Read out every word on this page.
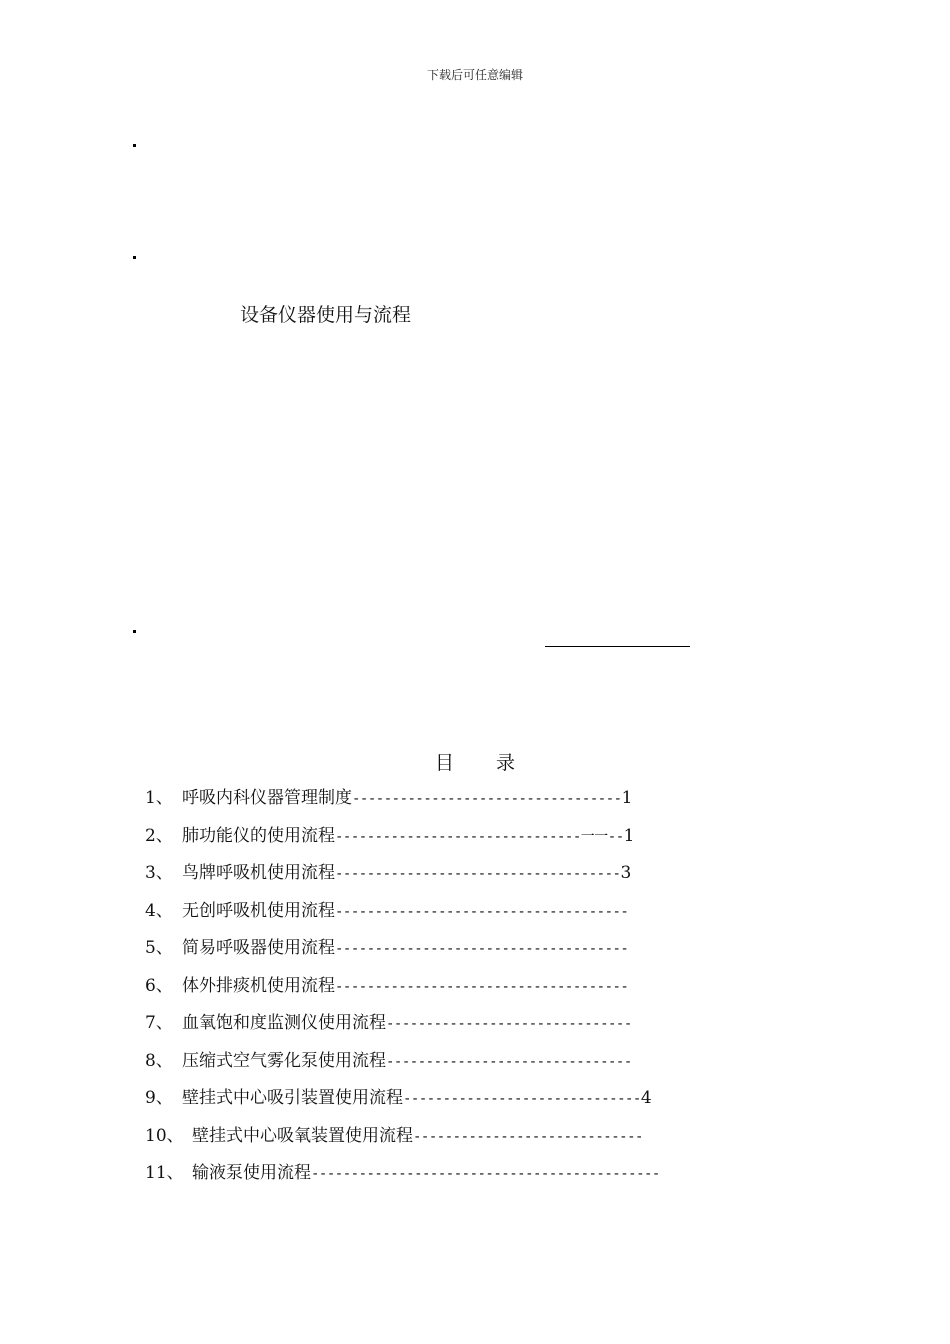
下载后可任意编辑
设备仪器使用与流程
目 录
1、 呼吸内科仪器管理制度----------------------------------1
2、 肺功能仪的使用流程-------------------------------一一--1
3、 鸟牌呼吸机使用流程------------------------------------3
4、 无创呼吸机使用流程-------------------------------------
5、 简易呼吸器使用流程-------------------------------------
6、 体外排痰机使用流程-------------------------------------
7、 血氧饱和度监测仪使用流程-------------------------------
8、 压缩式空气雾化泵使用流程-------------------------------
9、 壁挂式中心吸引装置使用流程------------------------------4
10、 壁挂式中心吸氧装置使用流程-----------------------------
11、 输液泵使用流程--------------------------------------------
